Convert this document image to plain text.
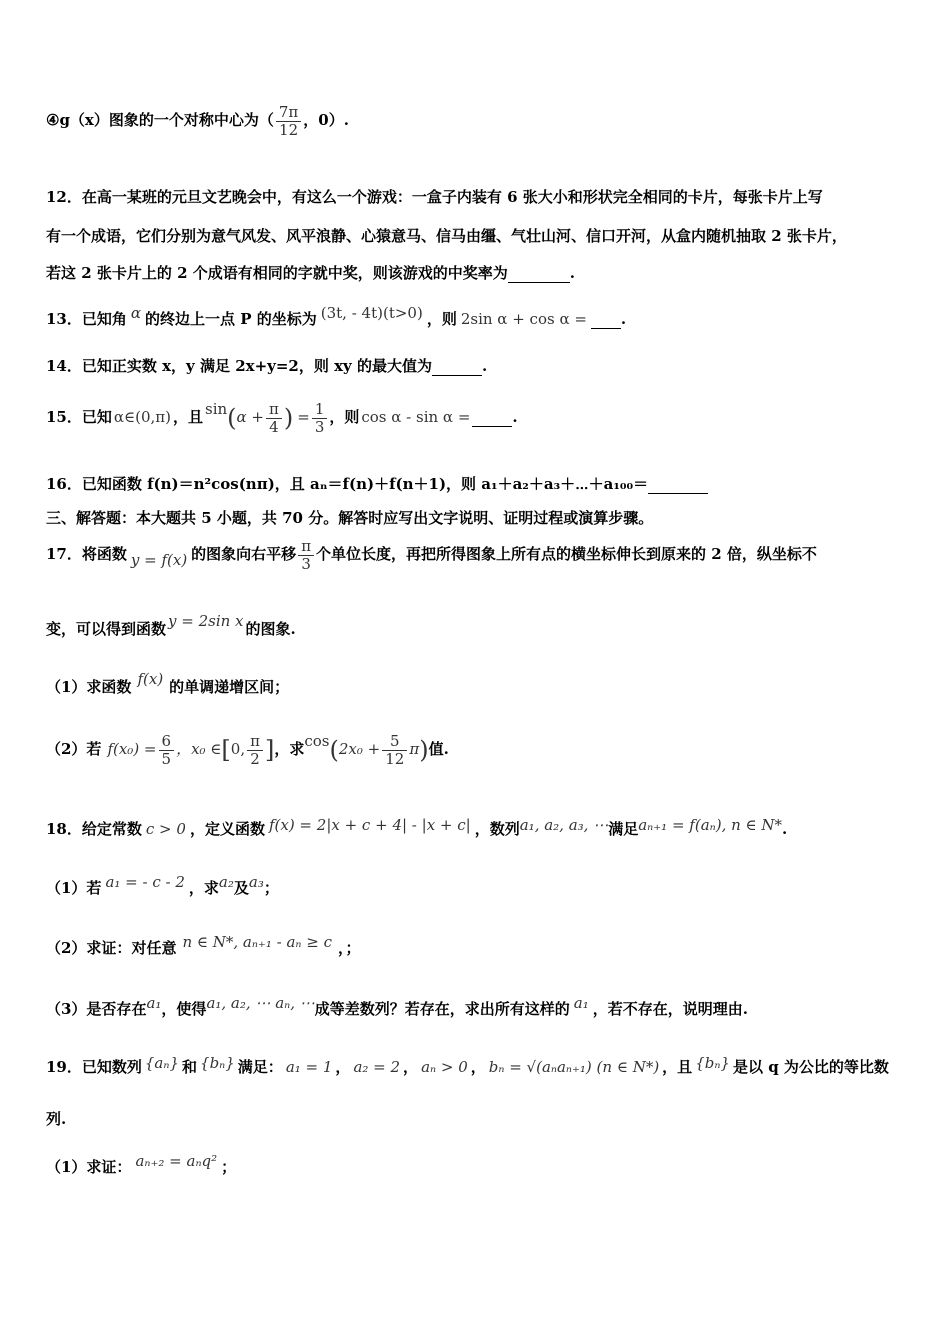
④g（x）图象的一个对称中心为（ $\frac{7\pi}{12}$ ，0）.
12．在高一某班的元旦文艺晚会中，有这么一个游戏：一盒子内装有 6 张大小和形状完全相同的卡片，每张卡片上写
有一个成语，它们分别为意气风发、风平浪静、心猿意马、信马由缰、气壮山河、信口开河，从盒内随机抽取 2 张卡片，
若这 2 张卡片上的 2 个成语有相同的字就中奖，则该游戏的中奖率为	.
13．已知角 α 的终边上一点 P 的坐标为 (3t, - 4t)(t>0) ，则 2sin α + cos α = .
14．已知正实数 x，y 满足 2x+y=2，则 xy 的最大值为	.
15．已知 α∈(0,π) ，且 $\sin(\alpha + \frac{\pi}{4}$ ) = $\frac{1}{3}$ ，则 cos α - sin α =	.
16．已知函数 f(n)＝n²cos(nπ)，且 aₙ＝f(n)＋f(n＋1)，则 a₁＋a₂＋a₃＋⋯＋a₁₀₀＝
三、解答题：本大题共 5 小题，共 70 分。解答时应写出文字说明、证明过程或演算步骤。
17．将函数 y = f(x) 的图象向右平移 $\frac{\pi}{3}$ 个单位长度，再把所得图象上所有点的横坐标伸长到原来的 2 倍，纵坐标不
变，可以得到函数 y = 2sin x 的图象.
（1）求函数 f(x) 的单调递增区间；
（2）若 $f(x_0) = \frac{6}{5}$ ，x₀ ∈[0, $\frac{\pi}{2}$ ]，求$\cos(2x_0 + \frac{5}{12} \pi)$值.
18．给定常数 c > 0 ，定义函数 f(x) = 2|x + c + 4| - |x + c| ，数列a₁, a₂, a₃, ⋯满足aₙ₊₁ = f(aₙ), n ∈ N*.
（1）若 a₁ = - c - 2 ，求a₂及a₃；
（2）求证：对任意 n ∈ N*, aₙ₊₁ - aₙ ≥ c ，；
（3）是否存在a₁，使得a₁, a₂, ⋯ aₙ, ⋯成等差数列？若存在，求出所有这样的 a₁ ，若不存在，说明理由.
19．已知数列 {aₙ} 和 {bₙ} 满足： a₁ = 1 ， a₂ = 2 ， aₙ > 0 ， bₙ = √(aₙaₙ₊₁) (n ∈ N*) ，且 {bₙ} 是以 q 为公比的等比数
列.
（1）求证： aₙ₊₂ = aₙq² ；
